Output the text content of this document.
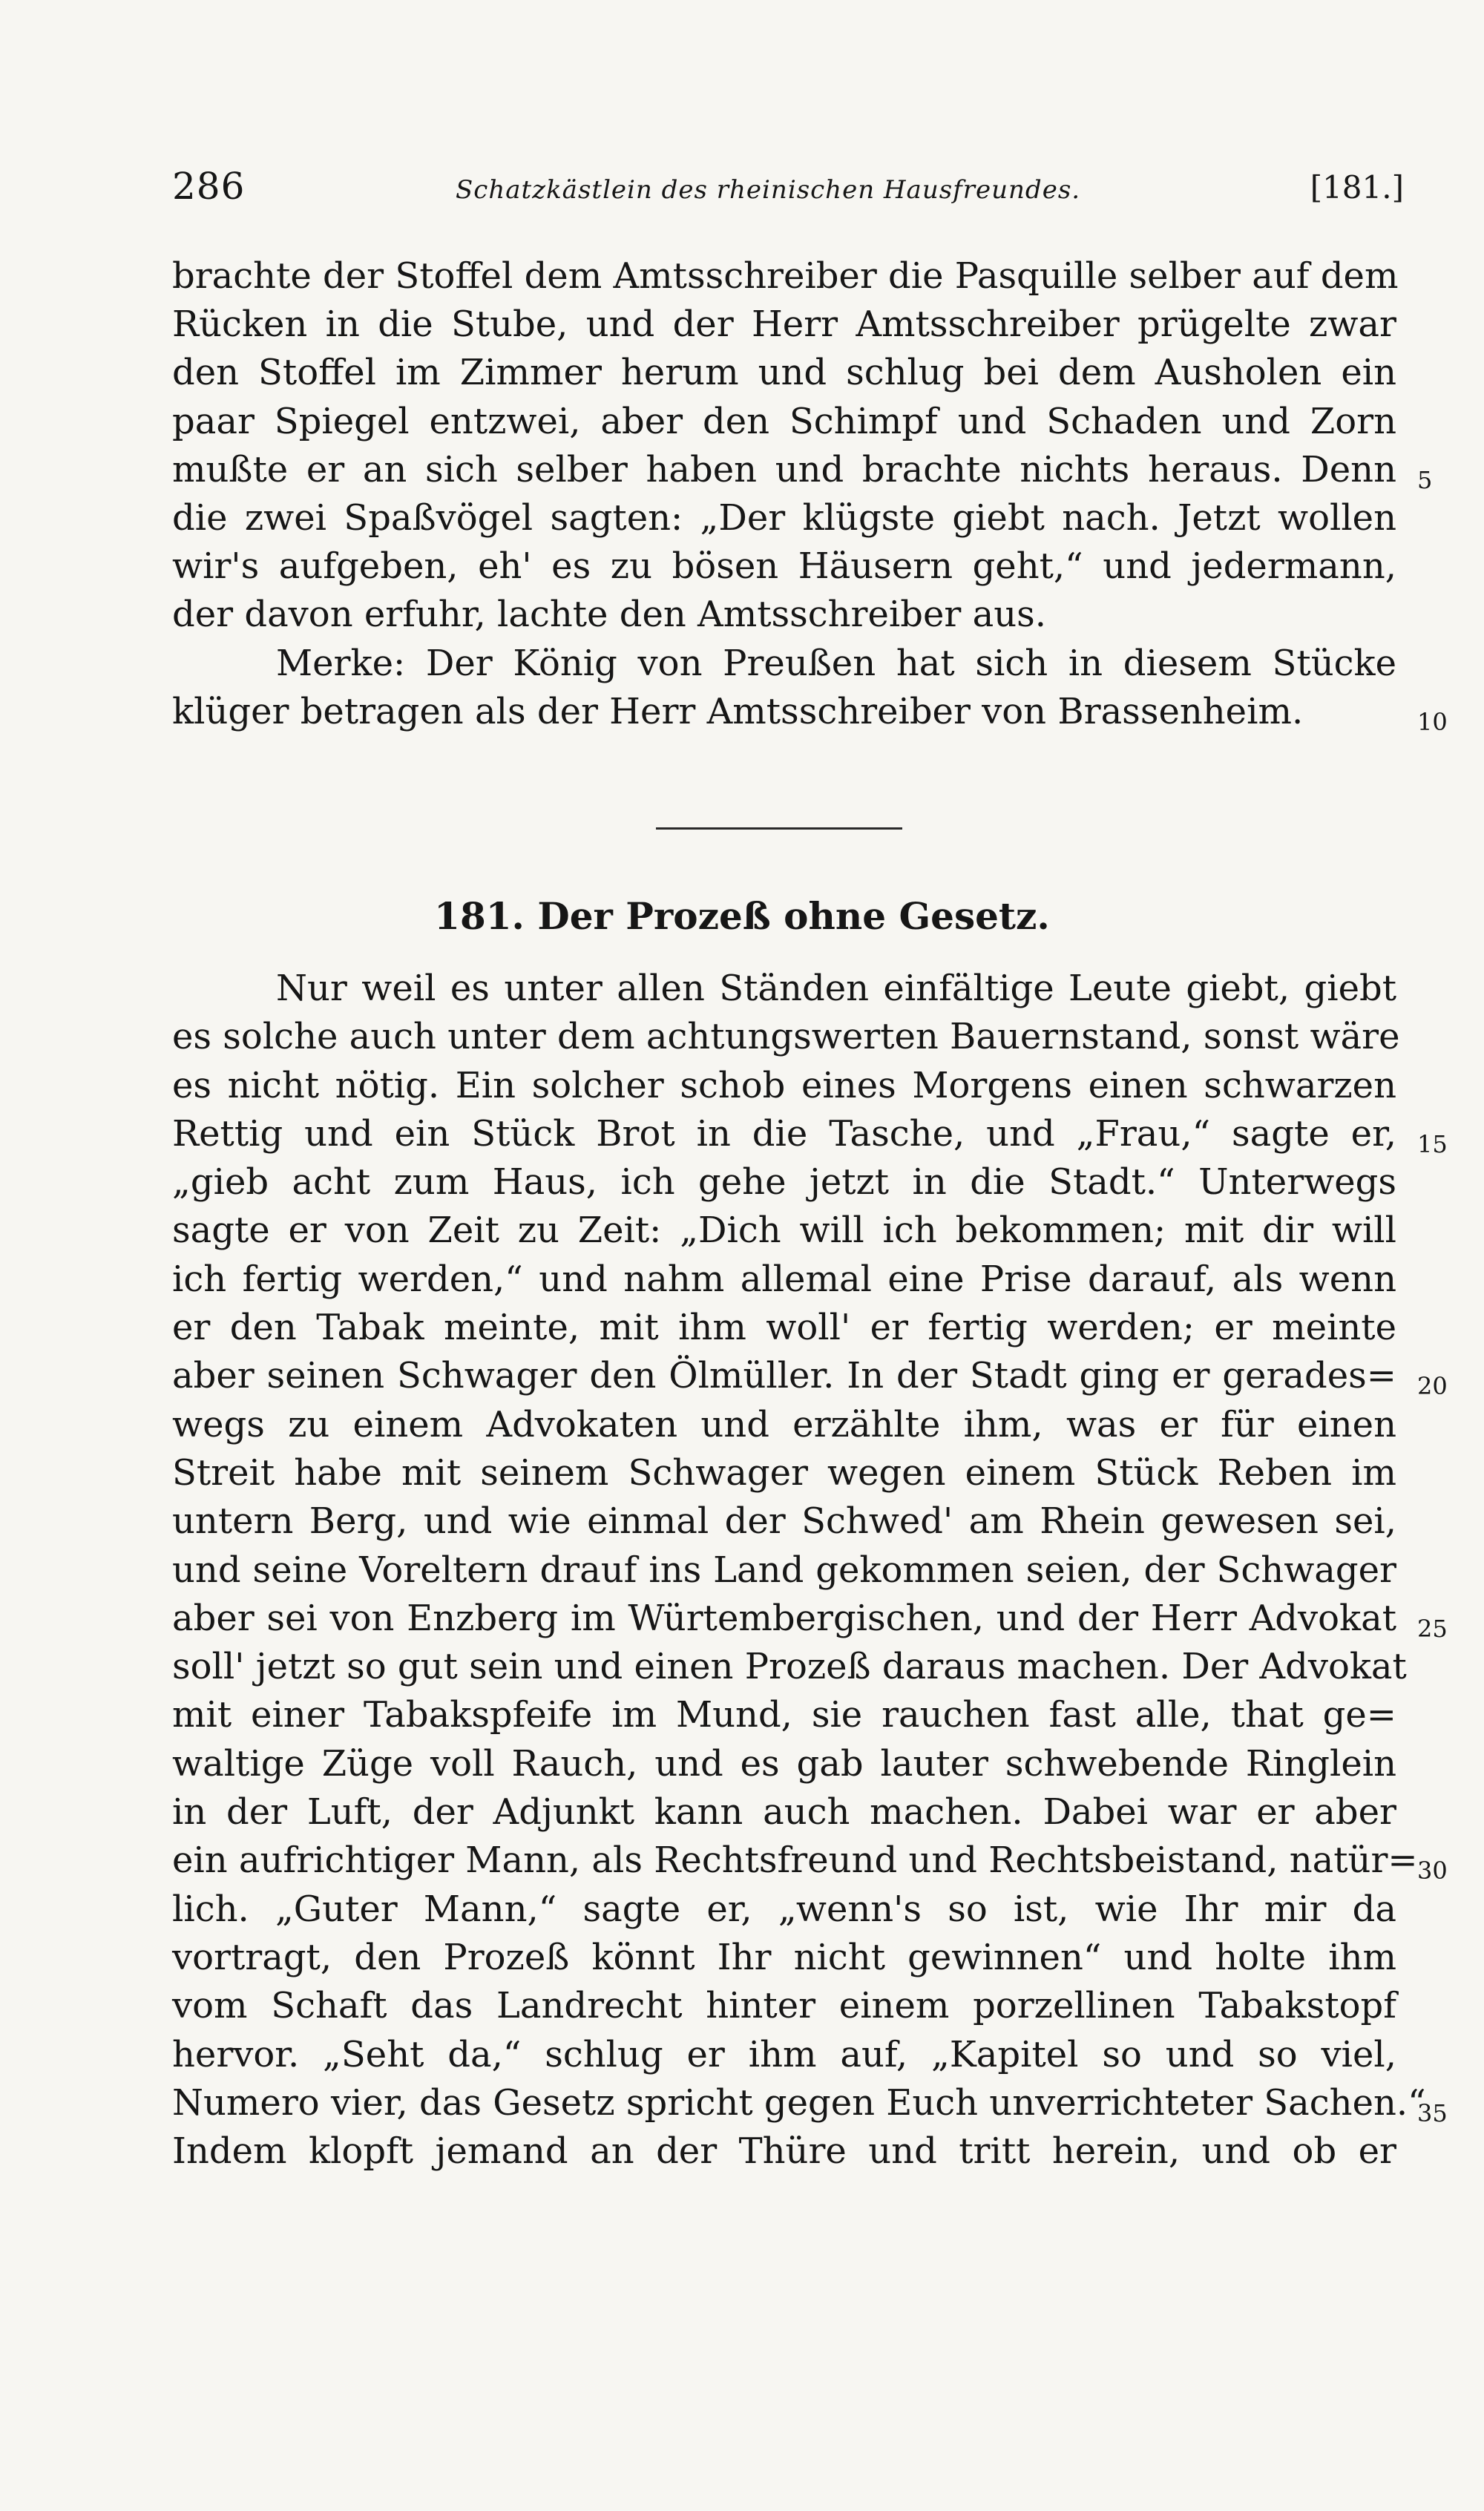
286	Schatzkästlein des rheinischen Hausfreundes.	[181.]
brachte der Stoffel dem Amtsschreiber die Pasquille selber auf dem
Rücken in die Stube, und der Herr Amtsschreiber prügelte zwar
den Stoffel im Zimmer herum und schlug bei dem Ausholen ein
paar Spiegel entzwei, aber den Schimpf und Schaden und Zorn
mußte er an sich selber haben und brachte nichts heraus. Denn 5
die zwei Spaßvögel sagten: „Der klügste giebt nach. Jetzt wollen
wir's aufgeben, eh' es zu bösen Häusern geht,“ und jedermann,
der davon erfuhr, lachte den Amtsschreiber aus.
Merke: Der König von Preußen hat sich in diesem Stücke
klüger betragen als der Herr Amtsschreiber von Brassenheim.	10
181. Der Prozeß ohne Gesetz.
Nur weil es unter allen Ständen einfältige Leute giebt, giebt
es solche auch unter dem achtungswerten Bauernstand, sonst wäre
es nicht nötig. Ein solcher schob eines Morgens einen schwarzen
Rettig und ein Stück Brot in die Tasche, und „Frau,“ sagte er, 15
„gieb acht zum Haus, ich gehe jetzt in die Stadt.“ Unterwegs
sagte er von Zeit zu Zeit: „Dich will ich bekommen; mit dir will
ich fertig werden,“ und nahm allemal eine Prise darauf, als wenn
er den Tabak meinte, mit ihm woll' er fertig werden; er meinte
aber seinen Schwager den Ölmüller. In der Stadt ging er gerades= 20
wegs zu einem Advokaten und erzählte ihm, was er für einen
Streit habe mit seinem Schwager wegen einem Stück Reben im
untern Berg, und wie einmal der Schwed' am Rhein gewesen sei,
und seine Voreltern drauf ins Land gekommen seien, der Schwager
aber sei von Enzberg im Würtembergischen, und der Herr Advokat 25
soll' jetzt so gut sein und einen Prozeß daraus machen. Der Advokat
mit einer Tabakspfeife im Mund, sie rauchen fast alle, that ge=
waltige Züge voll Rauch, und es gab lauter schwebende Ringlein
in der Luft, der Adjunkt kann auch machen. Dabei war er aber
ein aufrichtiger Mann, als Rechtsfreund und Rechtsbeistand, natür= 30
lich. „Guter Mann,“ sagte er, „wenn's so ist, wie Ihr mir da
vortragt, den Prozeß könnt Ihr nicht gewinnen“ und holte ihm
vom Schaft das Landrecht hinter einem porzellinen Tabakstopf
hervor. „Seht da,“ schlug er ihm auf, „Kapitel so und so viel,
Numero vier, das Gesetz spricht gegen Euch unverrichteter Sachen.“
35
Indem klopft jemand an der Thüre und tritt herein, und ob er
